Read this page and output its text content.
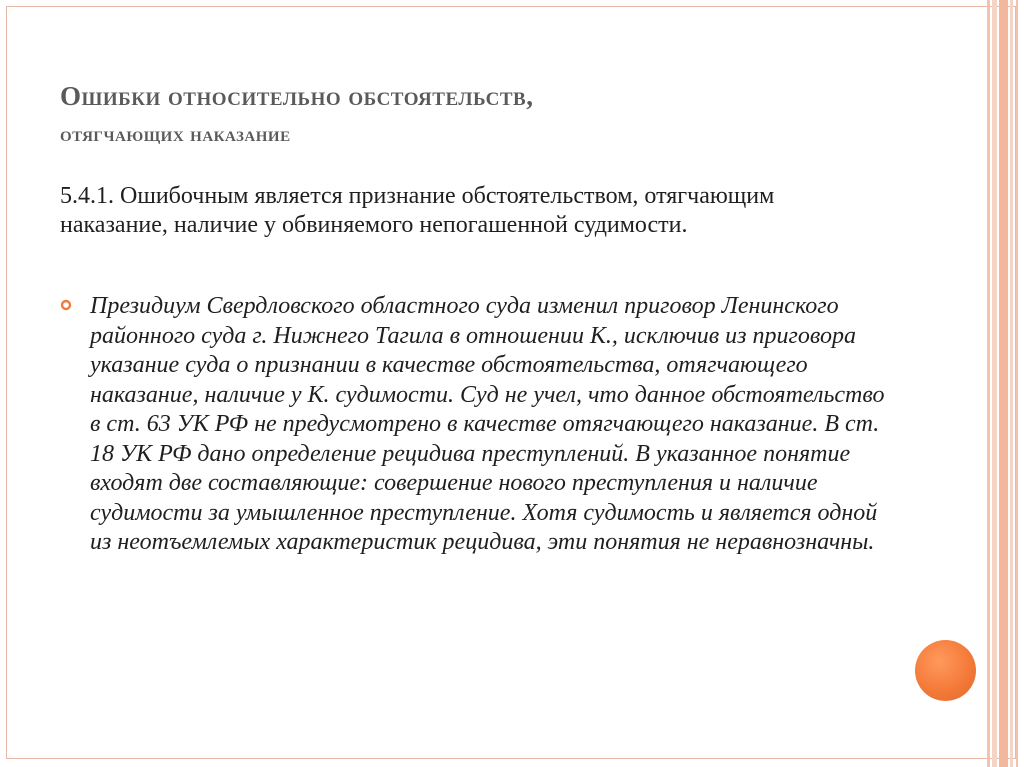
Ошибки относительно обстоятельств,
отягчающих наказание
5.4.1. Ошибочным является признание обстоятельством, отягчающим наказание, наличие у обвиняемого непогашенной судимости.
Президиум Свердловского областного суда изменил приговор Ленинского районного суда г. Нижнего Тагила в отношении К., исключив из приговора указание суда о признании в качестве обстоятельства, отягчающего наказание, наличие у К. судимости. Суд не учел, что данное обстоятельство в ст. 63 УК РФ не предусмотрено в качестве отягчающего наказание. В ст. 18 УК РФ дано определение рецидива преступлений. В указанное понятие входят две составляющие: совершение нового преступления и наличие судимости за умышленное преступление. Хотя судимость и является одной из неотъемлемых характеристик рецидива, эти понятия не неравнозначны.
